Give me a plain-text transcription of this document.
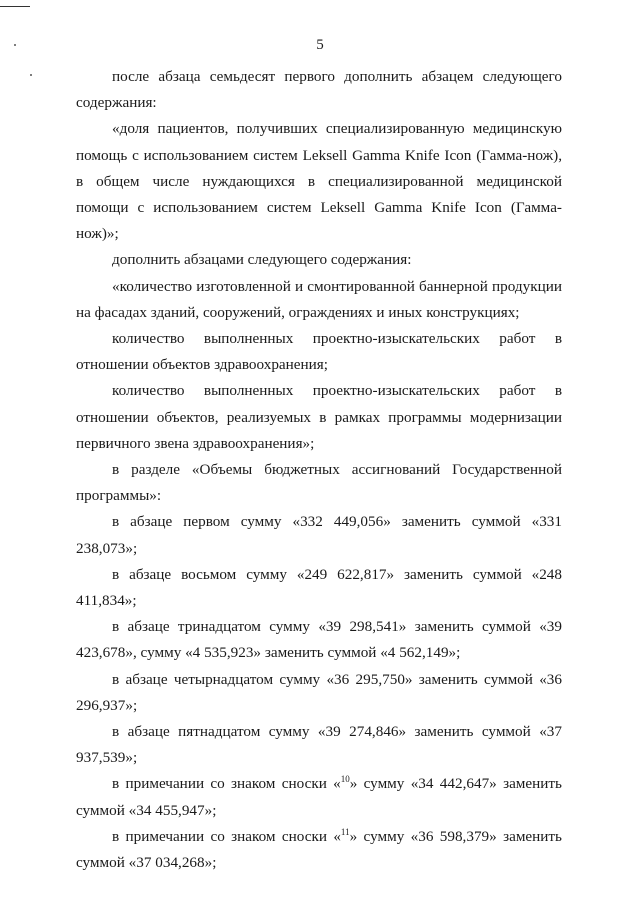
5

после абзаца семьдесят первого дополнить абзацем следующего содержания:

«доля пациентов, получивших специализированную медицинскую помощь с использованием систем Leksell Gamma Knife Icon (Гамма-нож), в общем числе нуждающихся в специализированной медицинской помощи с использованием систем Leksell Gamma Knife Icon (Гамма-нож)»;

дополнить абзацами следующего содержания:

«количество изготовленной и смонтированной баннерной продукции на фасадах зданий, сооружений, ограждениях и иных конструкциях;

количество выполненных проектно-изыскательских работ в отношении объектов здравоохранения;

количество выполненных проектно-изыскательских работ в отношении объектов, реализуемых в рамках программы модернизации первичного звена здравоохранения»;

в разделе «Объемы бюджетных ассигнований Государственной программы»:

в абзаце первом сумму «332 449,056» заменить суммой «331 238,073»;

в абзаце восьмом сумму «249 622,817» заменить суммой «248 411,834»;

в абзаце тринадцатом сумму «39 298,541» заменить суммой «39 423,678», сумму «4 535,923» заменить суммой «4 562,149»;

в абзаце четырнадцатом сумму «36 295,750» заменить суммой «36 296,937»;

в абзаце пятнадцатом сумму «39 274,846» заменить суммой «37 937,539»;

в примечании со знаком сноски «$^{10}$» сумму «34 442,647» заменить суммой «34 455,947»;

в примечании со знаком сноски «$^{11}$» сумму «36 598,379» заменить суммой «37 034,268»;
